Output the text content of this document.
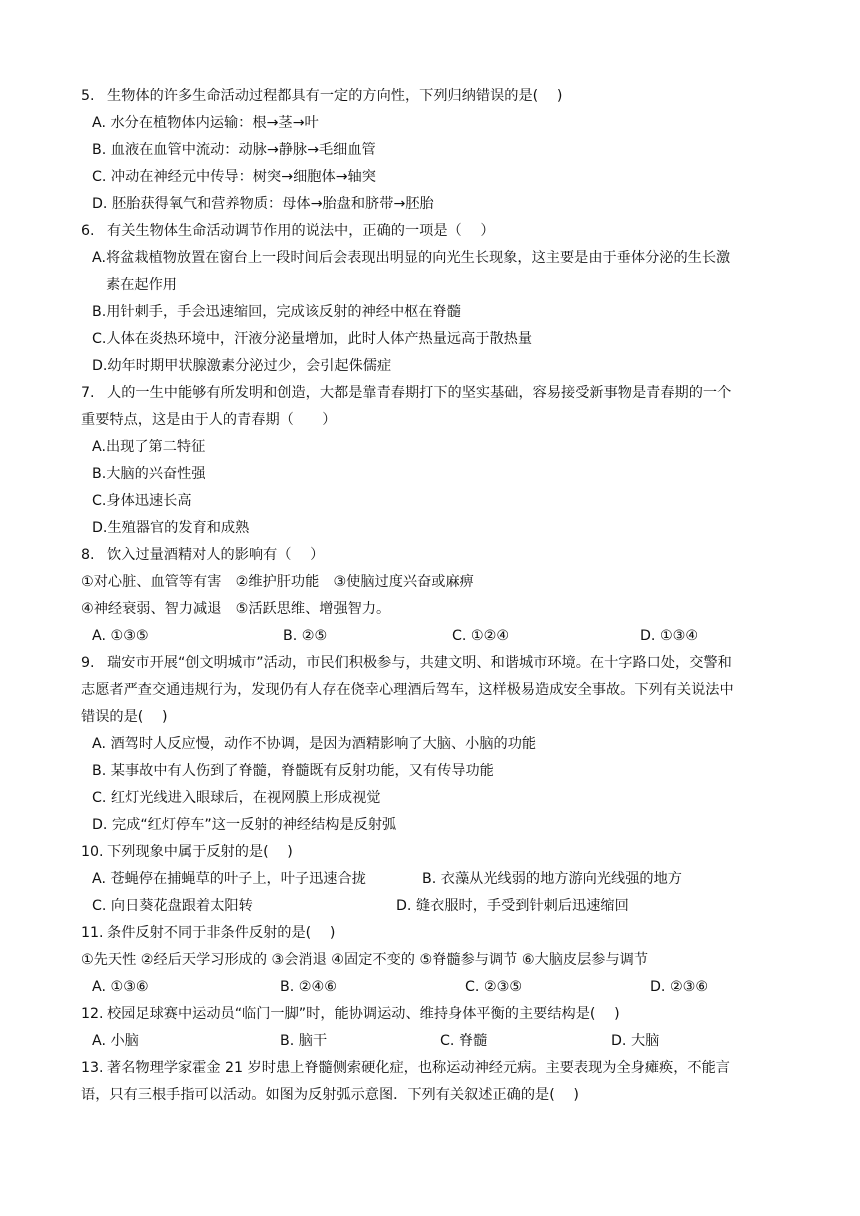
5. 生物体的许多生命活动过程都具有一定的方向性，下列归纳错误的是(　 )
A. 水分在植物体内运输：根→茎→叶
B. 血液在血管中流动：动脉→静脉→毛细血管
C. 冲动在神经元中传导：树突→细胞体→轴突
D. 胚胎获得氧气和营养物质：母体→胎盘和脐带→胚胎
6. 有关生物体生命活动调节作用的说法中，正确的一项是（　 ）
A.将盆栽植物放置在窗台上一段时间后会表现出明显的向光生长现象，这主要是由于垂体分泌的生长激
素在起作用
B.用针刺手，手会迅速缩回，完成该反射的神经中枢在脊髓
C.人体在炎热环境中，汗液分泌量增加，此时人体产热量远高于散热量
D.幼年时期甲状腺激素分泌过少，会引起侏儒症
7. 人的一生中能够有所发明和创造，大都是靠青春期打下的坚实基础，容易接受新事物是青春期的一个
重要特点，这是由于人的青春期（　　）
A.出现了第二特征
B.大脑的兴奋性强
C.身体迅速长高
D.生殖器官的发育和成熟
8. 饮入过量酒精对人的影响有（　 ）
①对心脏、血管等有害　②维护肝功能　③使脑过度兴奋或麻痹
④神经衰弱、智力减退　⑤活跃思维、增强智力。
A. ①③⑤	B. ②⑤	C. ①②④	D. ①③④
9. 瑞安市开展“创文明城市”活动，市民们积极参与，共建文明、和谐城市环境。在十字路口处，交警和
志愿者严查交通违规行为，发现仍有人存在侥幸心理酒后驾车，这样极易造成安全事故。下列有关说法中
错误的是(　 )
A. 酒驾时人反应慢，动作不协调，是因为酒精影响了大脑、小脑的功能
B. 某事故中有人伤到了脊髓，脊髓既有反射功能，又有传导功能
C. 红灯光线进入眼球后，在视网膜上形成视觉
D. 完成“红灯停车”这一反射的神经结构是反射弧
10. 下列现象中属于反射的是(　 )
A. 苍蝇停在捕蝇草的叶子上，叶子迅速合拢	B. 衣藻从光线弱的地方游向光线强的地方
C. 向日葵花盘跟着太阳转	D. 缝衣服时，手受到针刺后迅速缩回
11. 条件反射不同于非条件反射的是(　 )
①先天性 ②经后天学习形成的 ③会消退 ④固定不变的 ⑤脊髓参与调节 ⑥大脑皮层参与调节
A. ①③⑥	B. ②④⑥	C. ②③⑤	D. ②③⑥
12. 校园足球赛中运动员“临门一脚”时，能协调运动、维持身体平衡的主要结构是(　 )
A. 小脑	B. 脑干	C. 脊髓	D. 大脑
13. 著名物理学家霍金 21 岁时患上脊髓侧索硬化症，也称运动神经元病。主要表现为全身瘫痪，不能言
语，只有三根手指可以活动。如图为反射弧示意图．下列有关叙述正确的是(　 )
